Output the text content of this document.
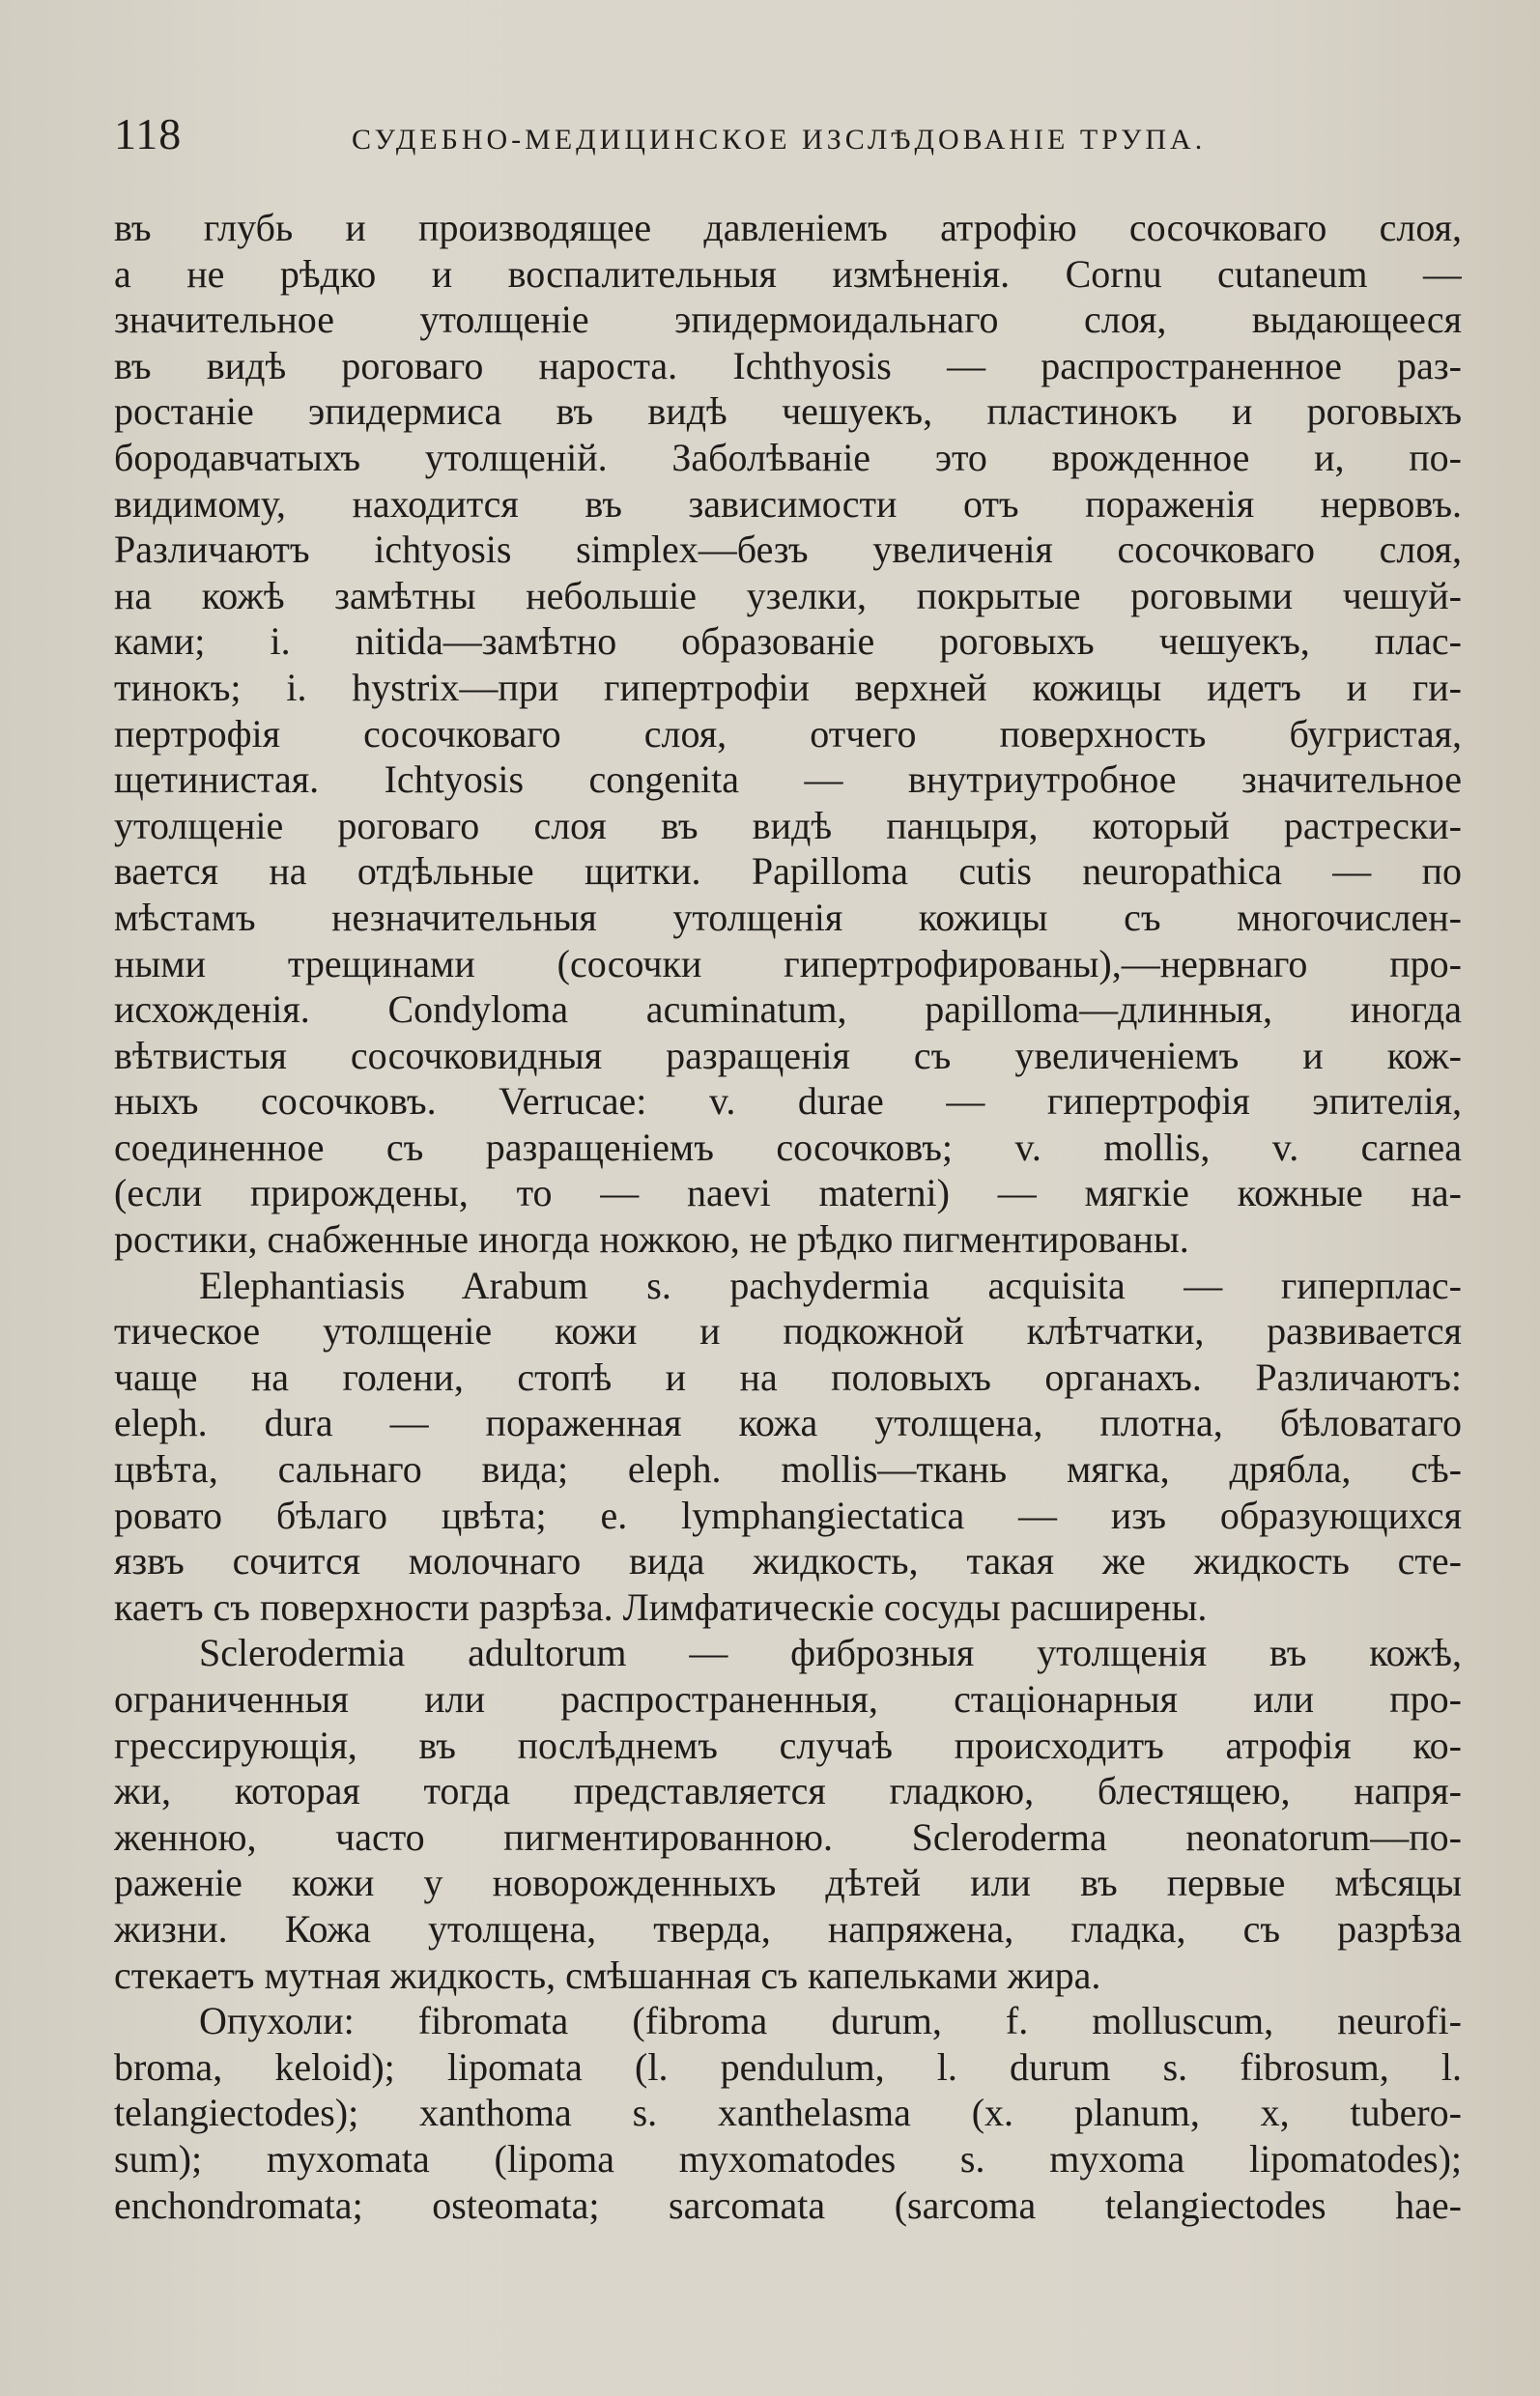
118	СУДЕБНО-МЕДИЦИНСКОЕ ИЗСЛѢДОВАНІЕ ТРУПА.
въ глубь и производящее давленіемъ атрофію сосочковаго слоя,
а не рѣдко и воспалительныя измѣненія. Cornu cutaneum —
значительное утолщеніе эпидермоидальнаго слоя, выдающееся
въ видѣ роговаго нароста. Ichthyosis — распространенное раз-
ростаніе эпидермиса въ видѣ чешуекъ, пластинокъ и роговыхъ
бородавчатыхъ утолщеній. Заболѣваніе это врожденное и, по-
видимому, находится въ зависимости отъ пораженія нервовъ.
Различаютъ ichtyosis simplex—безъ увеличенія сосочковаго слоя,
на кожѣ замѣтны небольшіе узелки, покрытые роговыми чешуй-
ками; i. nitida—замѣтно образованіе роговыхъ чешуекъ, плас-
тинокъ; i. hystrix—при гипертрофіи верхней кожицы идетъ и ги-
пертрофія сосочковаго слоя, отчего поверхность бугристая,
щетинистая. Ichtyosis congenita — внутриутробное значительное
утолщеніе роговаго слоя въ видѣ панцыря, который растрески-
вается на отдѣльные щитки. Papilloma cutis neuropathica — по
мѣстамъ незначительныя утолщенія кожицы съ многочислен-
ными трещинами (сосочки гипертрофированы),—нервнаго про-
исхожденія. Condyloma acuminatum, papilloma—длинныя, иногда
вѣтвистыя сосочковидныя разращенія съ увеличеніемъ и кож-
ныхъ сосочковъ. Verrucae: v. durae — гипертрофія эпителія,
соединенное съ разращеніемъ сосочковъ; v. mollis, v. carnea
(если прирождены, то — naevi materni) — мягкіе кожные на-
ростики, снабженные иногда ножкою, не рѣдко пигментированы.
Elephantiasis Arabum s. pachydermia acquisita — гиперплас-
тическое утолщеніе кожи и подкожной клѣтчатки, развивается
чаще на голени, стопѣ и на половыхъ органахъ. Различаютъ:
eleph. dura — пораженная кожа утолщена, плотна, бѣловатаго
цвѣта, сальнаго вида; eleph. mollis—ткань мягка, дрябла, сѣ-
ровато бѣлаго цвѣта; e. lymphangiectatica — изъ образующихся
язвъ сочится молочнаго вида жидкость, такая же жидкость сте-
каетъ съ поверхности разрѣза. Лимфатическіе сосуды расширены.
Sclerodermia adultorum — фиброзныя утолщенія въ кожѣ,
ограниченныя или распространенныя, стаціонарныя или про-
грессирующія, въ послѣднемъ случаѣ происходитъ атрофія ко-
жи, которая тогда представляется гладкою, блестящею, напря-
женною, часто пигментированною. Scleroderma neonatorum—по-
раженіе кожи у новорожденныхъ дѣтей или въ первые мѣсяцы
жизни. Кожа утолщена, тверда, напряжена, гладка, съ разрѣза
стекаетъ мутная жидкость, смѣшанная съ капельками жира.
Опухоли: fibromata (fibroma durum, f. molluscum, neurofi-
broma, keloid); lipomata (l. pendulum, l. durum s. fibrosum, l.
telangiectodes); xanthoma s. xanthelasma (x. planum, x, tubero-
sum); myxomata (lipoma myxomatodes s. myxoma lipomatodes);
enchondromata; osteomata; sarcomata (sarcoma telangiectodes hae-
